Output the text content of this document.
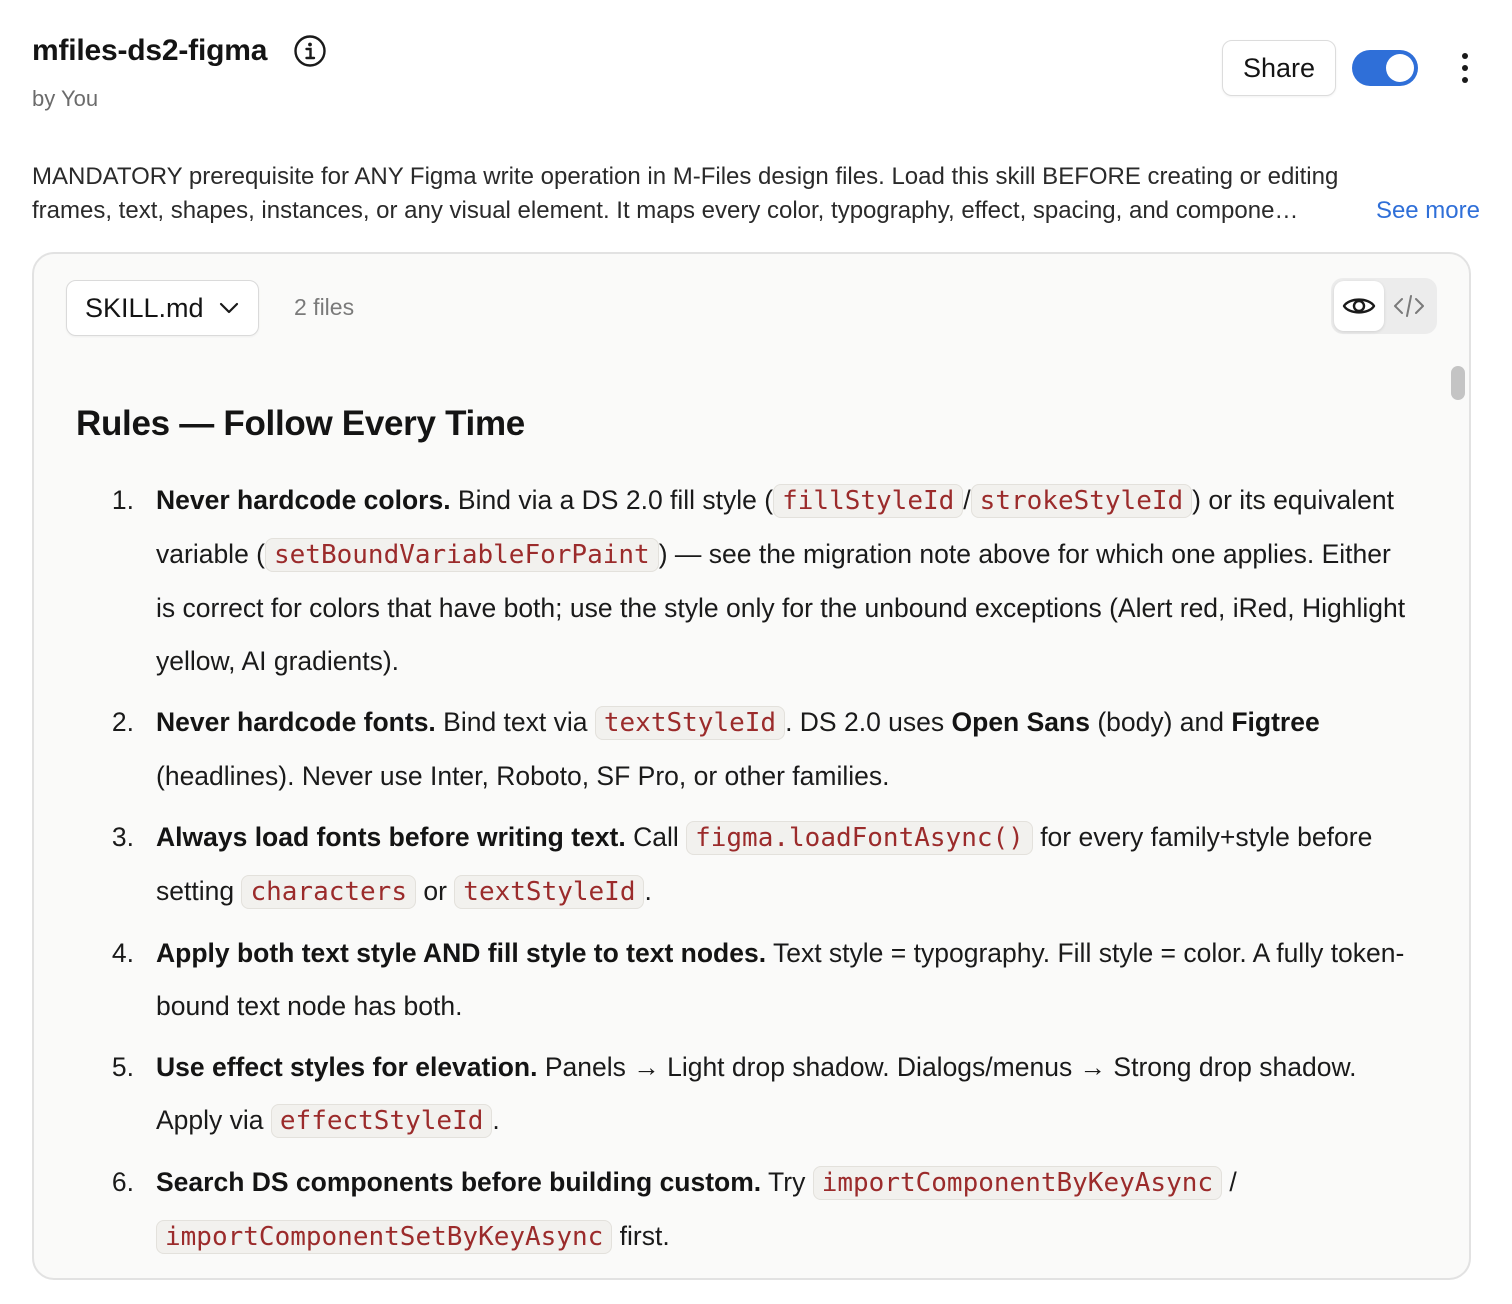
mfiles-ds2-figma
by You
Share
MANDATORY prerequisite for ANY Figma write operation in M-Files design files. Load this skill BEFORE creating or editing
frames, text, shapes, instances, or any visual element. It maps every color, typography, effect, spacing, and compone…	See more
SKILL.md	2 files
Rules — Follow Every Time
1. Never hardcode colors. Bind via a DS 2.0 fill style ( fillStyleId / strokeStyleId ) or its equivalent variable ( setBoundVariableForPaint ) — see the migration note above for which one applies. Either is correct for colors that have both; use the style only for the unbound exceptions (Alert red, iRed, Highlight yellow, AI gradients).
2. Never hardcode fonts. Bind text via textStyleId . DS 2.0 uses Open Sans (body) and Figtree (headlines). Never use Inter, Roboto, SF Pro, or other families.
3. Always load fonts before writing text. Call figma.loadFontAsync() for every family+style before setting characters or textStyleId .
4. Apply both text style AND fill style to text nodes. Text style = typography. Fill style = color. A fully token-bound text node has both.
5. Use effect styles for elevation. Panels → Light drop shadow. Dialogs/menus → Strong drop shadow. Apply via effectStyleId .
6. Search DS components before building custom. Try importComponentByKeyAsync / importComponentSetByKeyAsync first.
